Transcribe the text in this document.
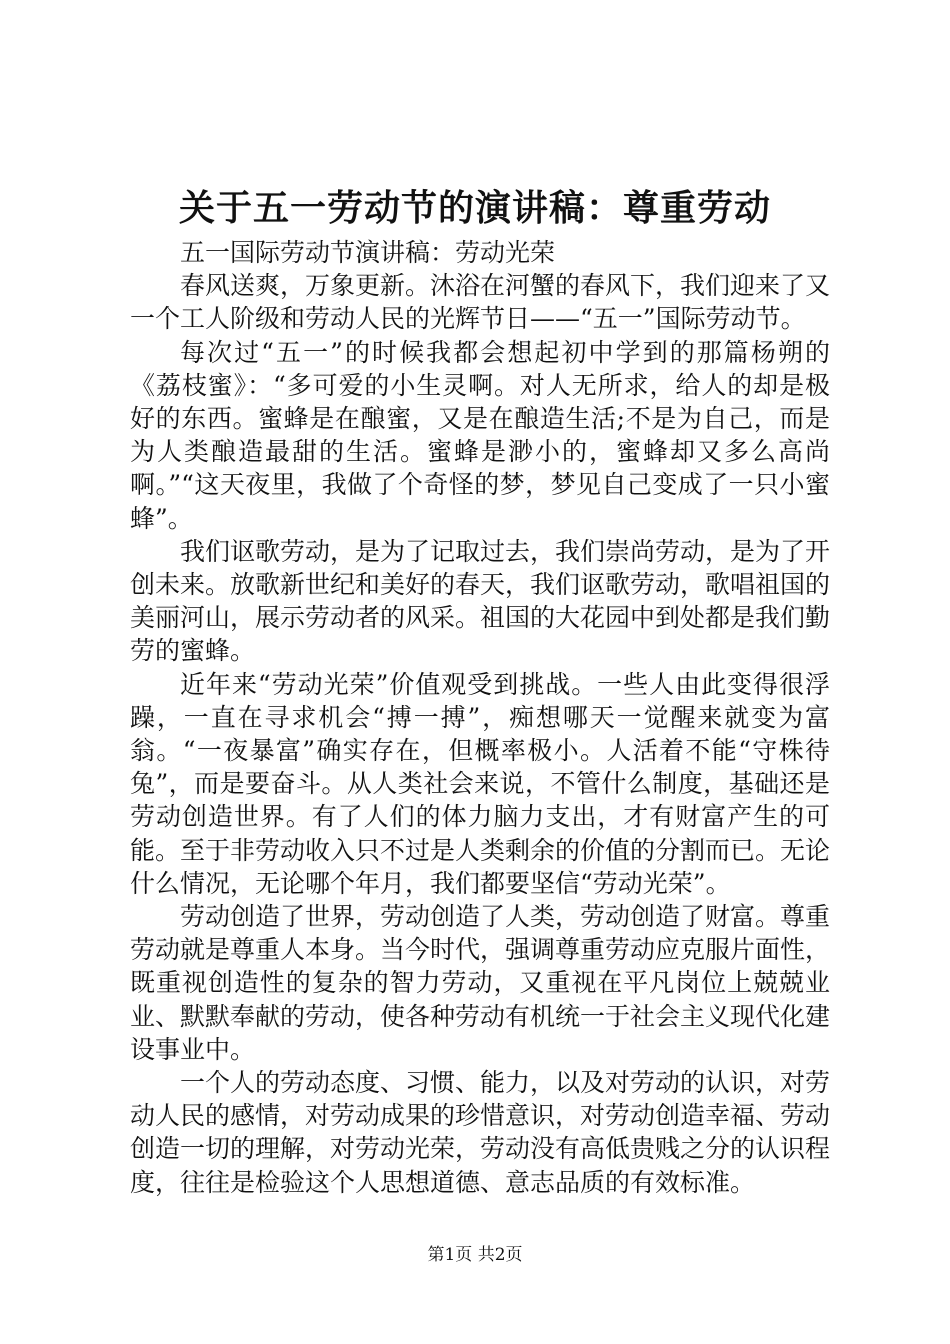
关于五一劳动节的演讲稿：尊重劳动

五一国际劳动节演讲稿：劳动光荣

春风送爽，万象更新。沐浴在河蟹的春风下，我们迎来了又一个工人阶级和劳动人民的光辉节日——“五一”国际劳动节。

每次过“五一”的时候我都会想起初中学到的那篇杨朔的《荔枝蜜》：“多可爱的小生灵啊。对人无所求，给人的却是极好的东西。蜜蜂是在酿蜜，又是在酿造生活;不是为自己，而是为人类酿造最甜的生活。蜜蜂是渺小的，蜜蜂却又多么高尚啊。”“这天夜里，我做了个奇怪的梦，梦见自己变成了一只小蜜蜂”。

我们讴歌劳动，是为了记取过去，我们崇尚劳动，是为了开创未来。放歌新世纪和美好的春天，我们讴歌劳动，歌唱祖国的美丽河山，展示劳动者的风采。祖国的大花园中到处都是我们勤劳的蜜蜂。

近年来“劳动光荣”价值观受到挑战。一些人由此变得很浮躁，一直在寻求机会“搏一搏”，痴想哪天一觉醒来就变为富翁。“一夜暴富”确实存在，但概率极小。人活着不能“守株待兔”，而是要奋斗。从人类社会来说，不管什么制度，基础还是劳动创造世界。有了人们的体力脑力支出，才有财富产生的可能。至于非劳动收入只不过是人类剩余的价值的分割而已。无论什么情况，无论哪个年月，我们都要坚信“劳动光荣”。

劳动创造了世界，劳动创造了人类，劳动创造了财富。尊重劳动就是尊重人本身。当今时代，强调尊重劳动应克服片面性，既重视创造性的复杂的智力劳动，又重视在平凡岗位上兢兢业业、默默奉献的劳动，使各种劳动有机统一于社会主义现代化建设事业中。

一个人的劳动态度、习惯、能力，以及对劳动的认识，对劳动人民的感情，对劳动成果的珍惜意识，对劳动创造幸福、劳动创造一切的理解，对劳动光荣，劳动没有高低贵贱之分的认识程度，往往是检验这个人思想道德、意志品质的有效标准。

第1页 共2页
